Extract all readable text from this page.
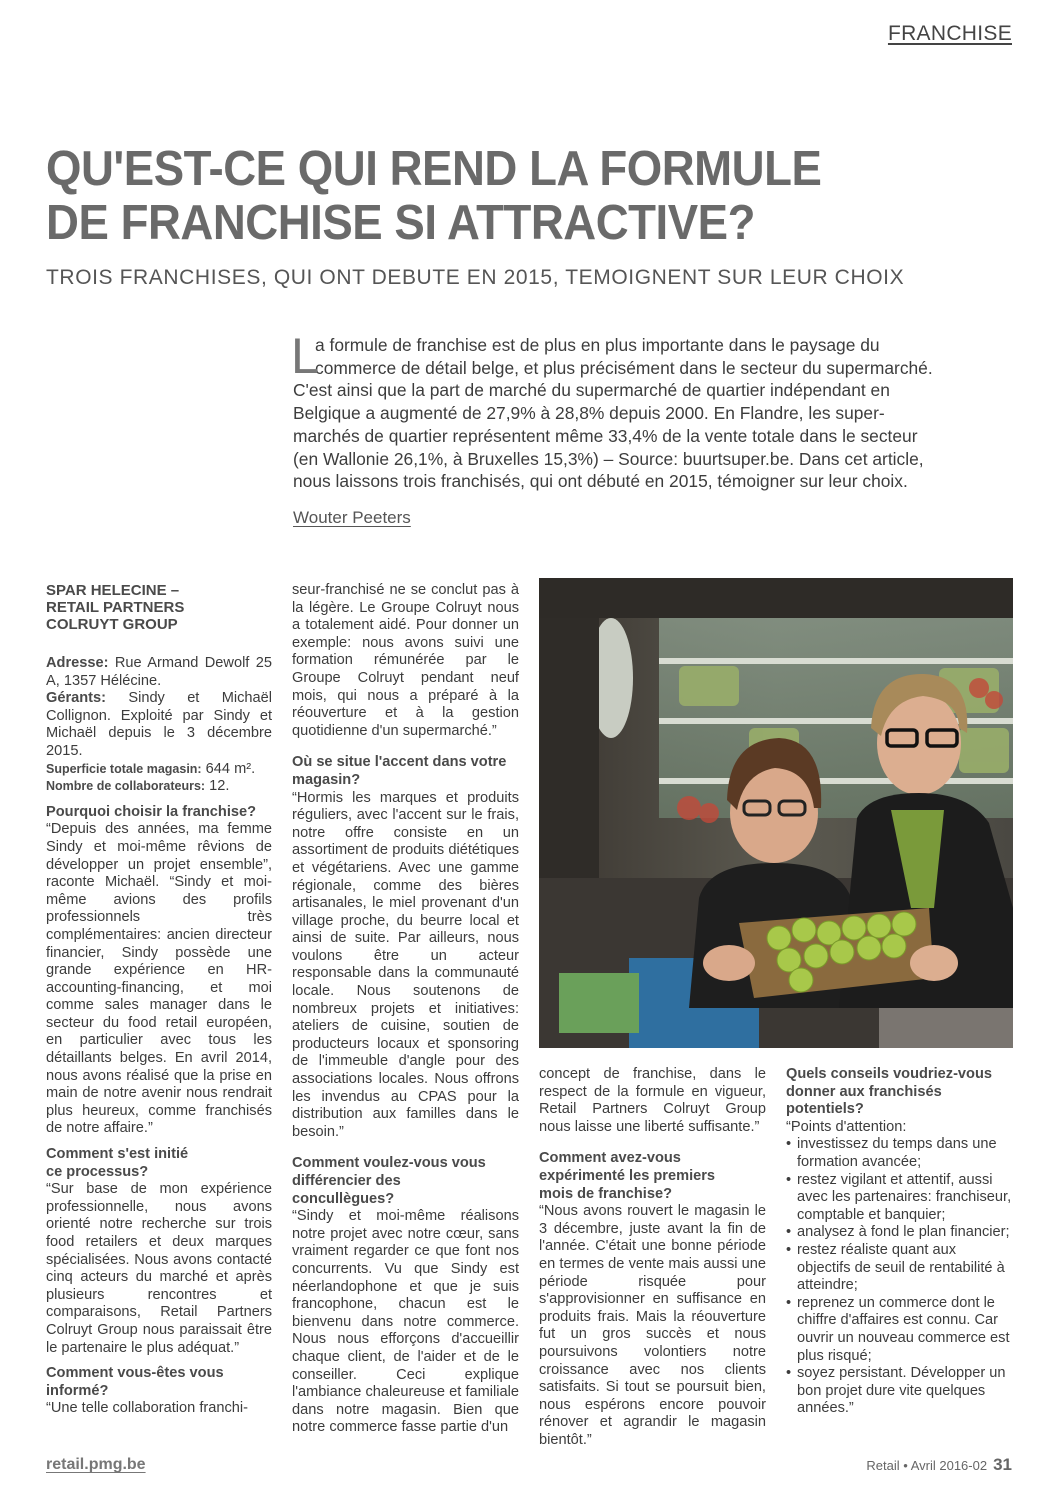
FRANCHISE
QU'EST-CE QUI REND LA FORMULE
DE FRANCHISE SI ATTRACTIVE?
TROIS FRANCHISES, QUI ONT DEBUTE EN 2015, TEMOIGNENT SUR LEUR CHOIX
L

a formule de franchise est de plus en plus importante dans le paysage du

commerce de détail belge, et plus précisément dans le secteur du supermarché.

C'est ainsi que la part de marché du supermarché de quartier indépendant en

Belgique a augmenté de 27,9% à 28,8% depuis 2000. En Flandre, les super-

marchés de quartier représentent même 33,4% de la vente totale dans le secteur

(en Wallonie 26,1%, à Bruxelles 15,3%) – Source: buurtsuper.be. Dans cet article,

nous laissons trois franchisés, qui ont débuté en 2015, témoigner sur leur choix.

Wouter Peeters
SPAR HELECINE –
RETAIL PARTNERS
COLRUYT GROUP

Adresse: Rue Armand Dewolf 25 A, 1357 Hélécine.

Gérants: Sindy et Michaël Collignon. Exploité par Sindy et Michaël depuis le 3 décembre 2015.

Superficie totale magasin: 644 m².

Nombre de collaborateurs: 12.

Pourquoi choisir la franchise?

“Depuis des années, ma femme Sindy et moi-même rêvions de développer un projet ensemble”, raconte Michaël. “Sindy et moi-même avions des profils professionnels très complémentaires: ancien directeur financier, Sindy possède une grande expérience en HR-accounting-financing, et moi comme sales manager dans le secteur du food retail européen, en particulier avec tous les détaillants belges. En avril 2014, nous avons réalisé que la prise en main de notre avenir nous rendrait plus heureux, comme franchisés de notre affaire.”

Comment s'est initié ce processus?

“Sur base de mon expérience professionnelle, nous avons orienté notre recherche sur trois food retailers et deux marques spécialisées. Nous avons contacté cinq acteurs du marché et après plusieurs rencontres et comparaisons, Retail Partners Colruyt Group nous paraissait être le partenaire le plus adéquat.”

Comment vous-êtes vous informé?

“Une telle collaboration franchi-

seur-franchisé ne se conclut pas à la légère. Le Groupe Colruyt nous a totalement aidé. Pour donner un exemple: nous avons suivi une formation rémunérée par le Groupe Colruyt pendant neuf mois, qui nous a préparé à la réouverture et à la gestion quotidienne d'un supermarché.”

Où se situe l'accent dans votre magasin?

“Hormis les marques et produits réguliers, avec l'accent sur le frais, notre offre consiste en un assortiment de produits diététiques et végétariens. Avec une gamme régionale, comme des bières artisanales, le miel provenant d'un village proche, du beurre local et ainsi de suite. Par ailleurs, nous voulons être un acteur responsable dans la communauté locale. Nous soutenons de nombreux projets et initiatives: ateliers de cuisine, soutien de producteurs locaux et sponsoring de l'immeuble d'angle pour des associations locales. Nous offrons les invendus au CPAS pour la distribution aux familles dans le besoin.”

Comment voulez-vous vous différencier des concullègues?

“Sindy et moi-même réalisons notre projet avec notre cœur, sans vraiment regarder ce que font nos concurrents. Vu que Sindy est néerlandophone et que je suis francophone, chacun est le bienvenu dans notre commerce. Nous nous efforçons d'accueillir chaque client, de l'aider et de le conseiller. Ceci explique l'ambiance chaleureuse et familiale dans notre magasin. Bien que notre commerce fasse partie d'un

concept de franchise, dans le respect de la formule en vigueur, Retail Partners Colruyt Group nous laisse une liberté suffisante.”

Comment avez-vous expérimenté les premiers mois de franchise?

“Nous avons rouvert le magasin le 3 décembre, juste avant la fin de l'année. C'était une bonne période en termes de vente mais aussi une période risquée pour s'approvisionner en suffisance en produits frais. Mais la réouverture fut un gros succès et nous poursuivons volontiers notre croissance avec nos clients satisfaits. Si tout se poursuit bien, nous espérons encore pouvoir rénover et agrandir le magasin bientôt.”

Quels conseils voudriez-vous donner aux franchisés potentiels?

“Points d'attention:

• investissez du temps dans une formation avancée;
• restez vigilant et attentif, aussi avec les partenaires: franchiseur, comptable et banquier;
• analysez à fond le plan financier;
• restez réaliste quant aux objectifs de seuil de rentabilité à atteindre;
• reprenez un commerce dont le chiffre d'affaires est connu. Car ouvrir un nouveau commerce est plus risqué;
• soyez persistant. Développer un bon projet dure vite quelques années.”
retail.pmg.be	Retail • Avril 2016-02 31
